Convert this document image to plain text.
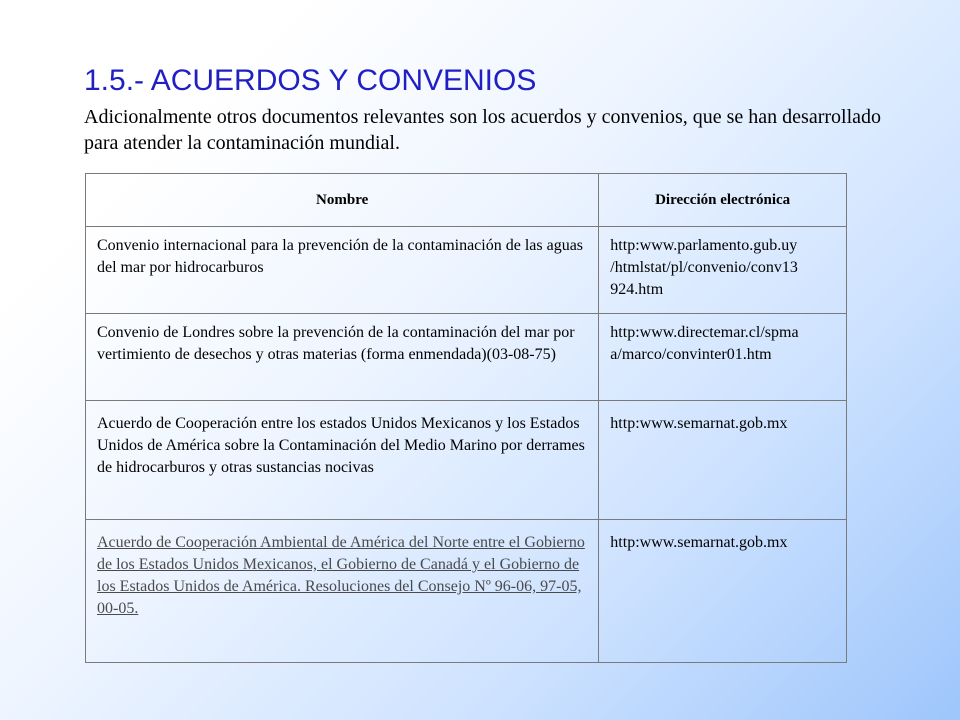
1.5.- ACUERDOS Y CONVENIOS
Adicionalmente otros documentos relevantes son los acuerdos y convenios, que se han desarrollado para atender la contaminación mundial.
Nombre	Dirección electrónica

Convenio internacional para la prevención de la contaminación de las aguas del mar por hidrocarburos	http:www.parlamento.gub.uy /htmlstat/pl/convenio/conv13 924.htm

Convenio de Londres sobre la prevención de la contaminación del mar por vertimiento de desechos y otras materias (forma enmendada)(03-08-75)	http:www.directemar.cl/spma a/marco/convinter01.htm

Acuerdo de Cooperación entre los estados Unidos Mexicanos y los Estados Unidos de América sobre la Contaminación del Medio Marino por derrames de hidrocarburos y otras sustancias nocivas	http:www.semarnat.gob.mx

Acuerdo de Cooperación Ambiental de América del Norte entre el Gobierno de los Estados Unidos Mexicanos, el Gobierno de Canadá y el Gobierno de los Estados Unidos de América. Resoluciones del Consejo Nº 96-06, 97-05, 00-05.	http:www.semarnat.gob.mx
